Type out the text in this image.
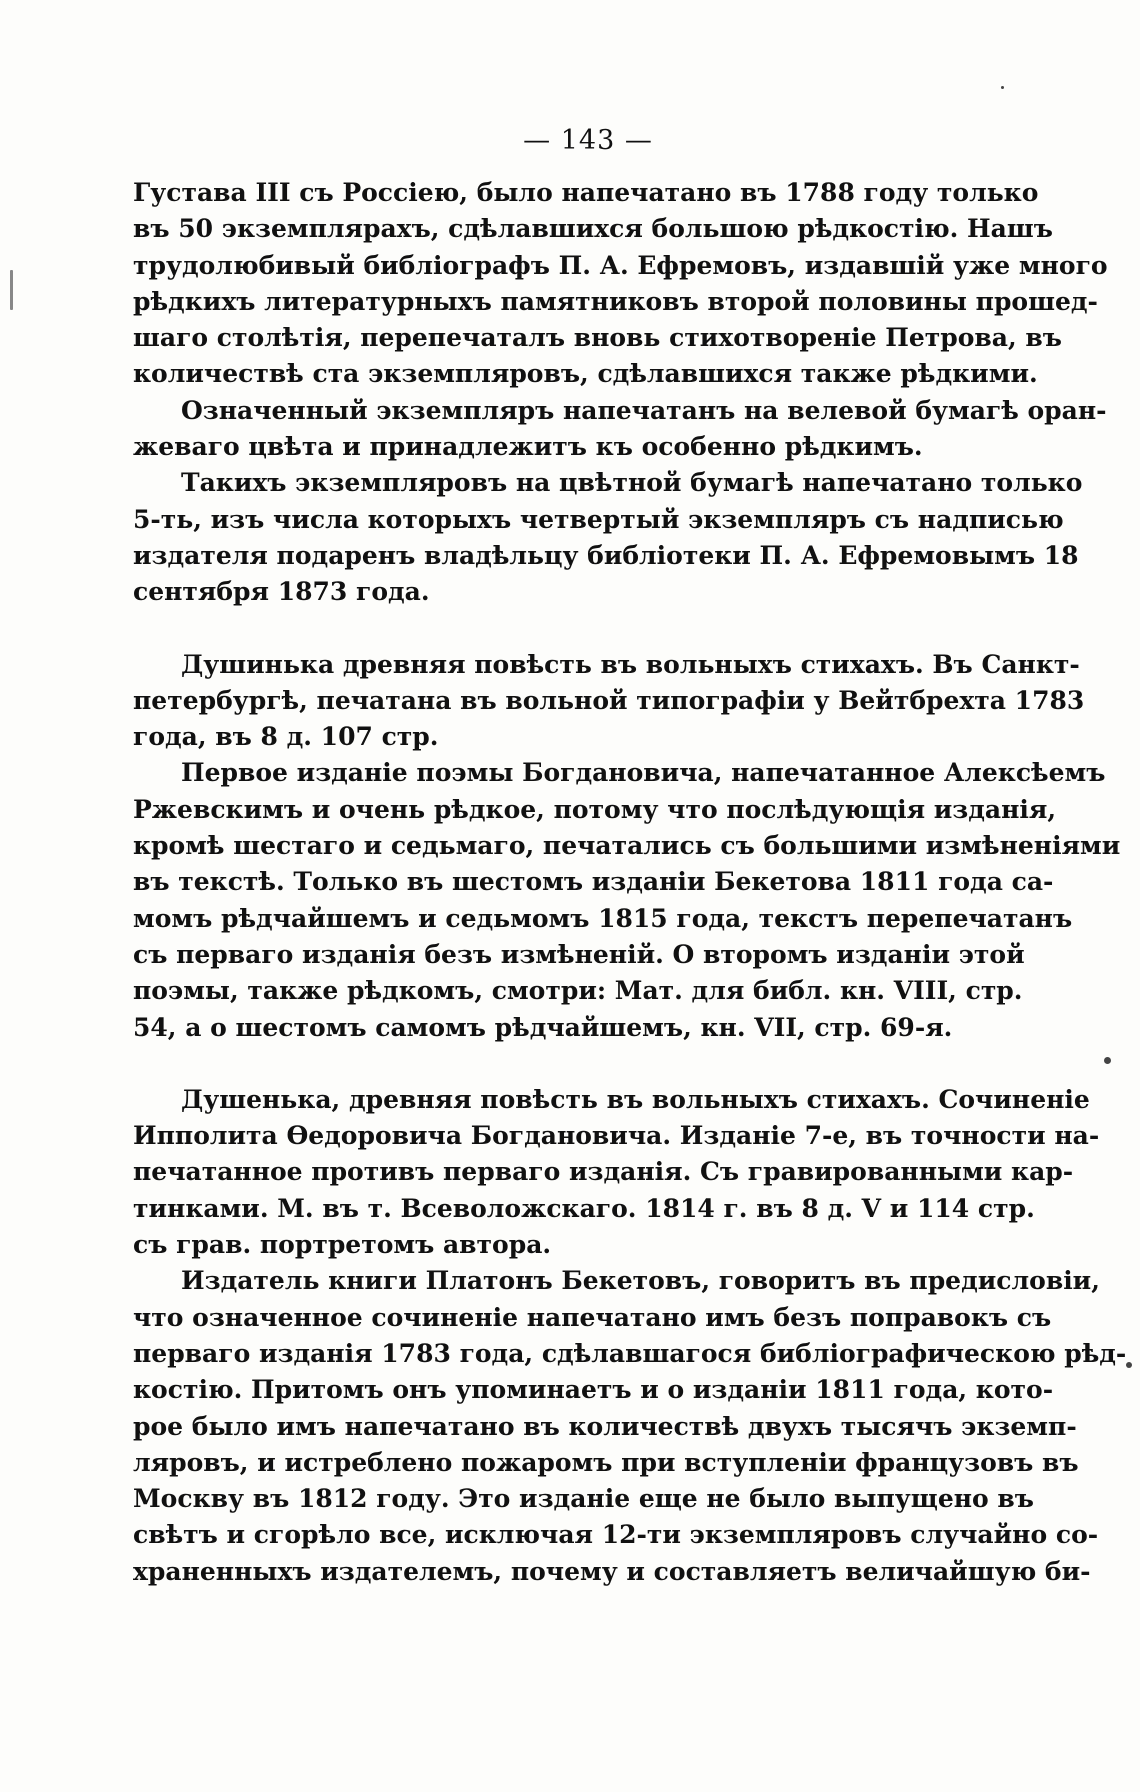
— 143 —
Густава III съ Россiею, было напечатано въ 1788 году только
въ 50 экземплярахъ, сдѣлавшихся большою рѣдкостiю. Нашъ
трудолюбивый библiографъ П. А. Ефремовъ, издавшiй уже много
рѣдкихъ литературныхъ памятниковъ второй половины прошед-
шаго столѣтiя, перепечаталъ вновь стихотворенiе Петрова, въ
количествѣ ста экземпляровъ, сдѣлавшихся также рѣдкими.
Означенный экземпляръ напечатанъ на велевой бумагѣ оран-
жеваго цвѣта и принадлежитъ къ особенно рѣдкимъ.
Такихъ экземпляровъ на цвѣтной бумагѣ напечатано только
5-ть, изъ числа которыхъ четвертый экземпляръ съ надписью
издателя подаренъ владѣльцу библiотеки П. А. Ефремовымъ 18
сентября 1873 года.
Душинька древняя повѣсть въ вольныхъ стихахъ. Въ Санкт-
петербургѣ, печатана въ вольной типографiи у Вейтбрехта 1783
года, въ 8 д. 107 стр.
Первое изданiе поэмы Богдановича, напечатанное Алексѣемъ
Ржевскимъ и очень рѣдкое, потому что послѣдующiя изданiя,
кромѣ шестаго и седьмаго, печатались съ большими измѣненiями
въ текстѣ. Только въ шестомъ изданiи Бекетова 1811 года са-
момъ рѣдчайшемъ и седьмомъ 1815 года, текстъ перепечатанъ
съ перваго изданiя безъ измѣненiй. О второмъ изданiи этой
поэмы, также рѣдкомъ, смотри: Мат. для библ. кн. VIII, стр.
54, а о шестомъ самомъ рѣдчайшемъ, кн. VII, стр. 69-я.
Душенька, древняя повѣсть въ вольныхъ стихахъ. Сочиненiе
Ипполита Өедоровича Богдановича. Изданiе 7-е, въ точности на-
печатанное противъ перваго изданiя. Съ гравированными кар-
тинками. М. въ т. Всеволожскаго. 1814 г. въ 8 д. V и 114 стр.
съ грав. портретомъ автора.
Издатель книги Платонъ Бекетовъ, говоритъ въ предисловiи,
что означенное сочиненiе напечатано имъ безъ поправокъ съ
перваго изданiя 1783 года, сдѣлавшагося библiографическою рѣд-
костiю. Притомъ онъ упоминаетъ и о изданiи 1811 года, кото-
рое было имъ напечатано въ количествѣ двухъ тысячъ экземп-
ляровъ, и истреблено пожаромъ при вступленiи французовъ въ
Москву въ 1812 году. Это изданiе еще не было выпущено въ
свѣтъ и сгорѣло все, исключая 12-ти экземпляровъ случайно со-
храненныхъ издателемъ, почему и составляетъ величайшую би-
